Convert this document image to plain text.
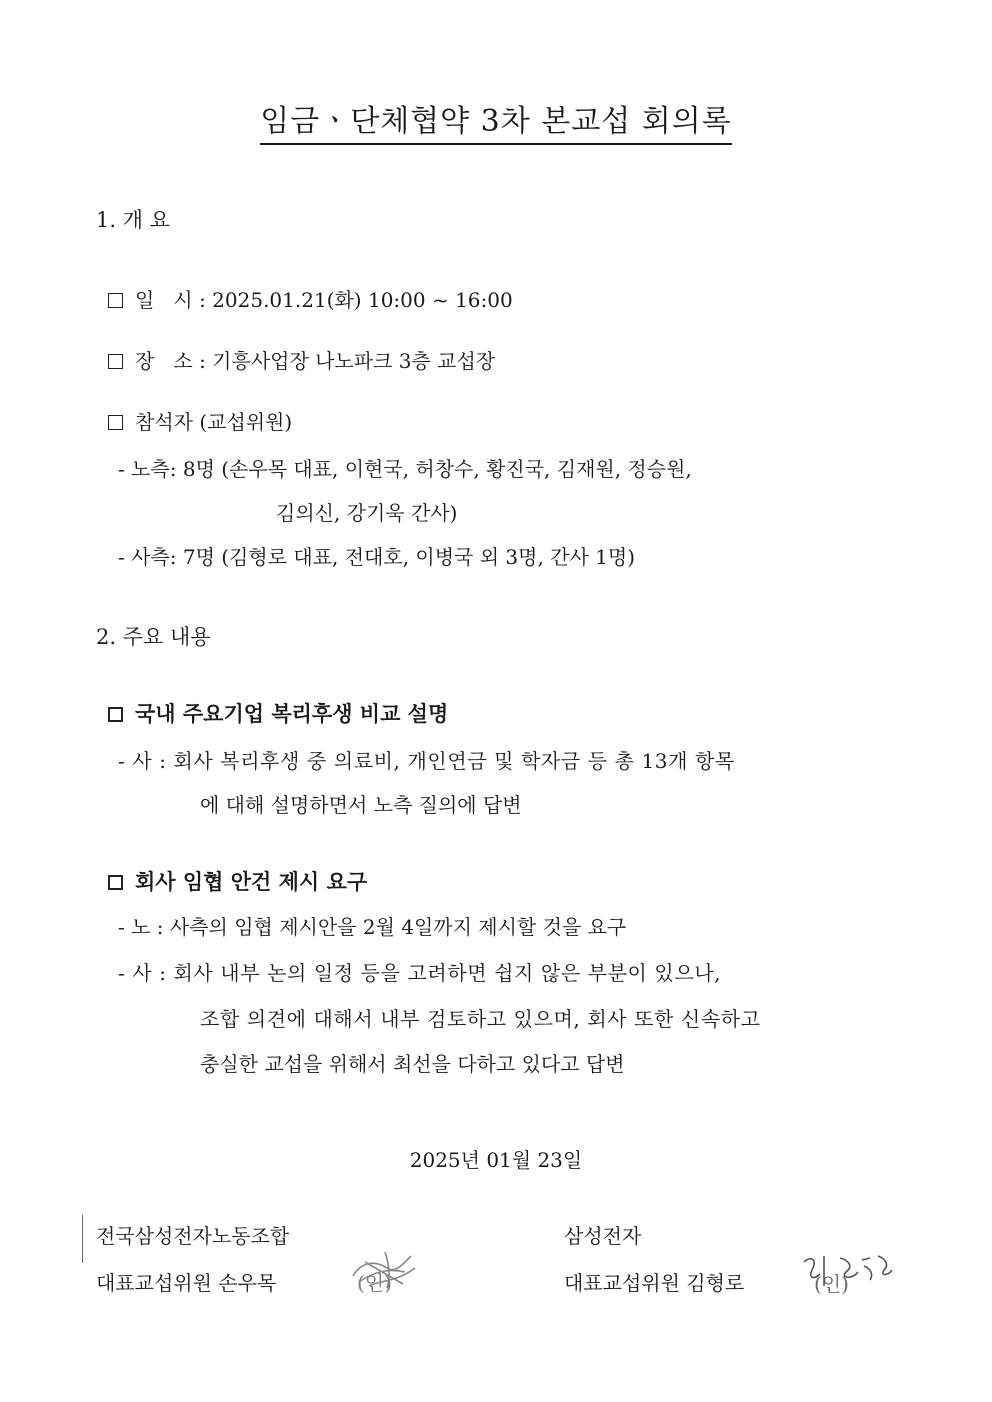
임금ㆍ단체협약 3차 본교섭 회의록
1. 개 요
일   시 : 2025.01.21(화) 10:00 ~ 16:00
장   소 : 기흥사업장 나노파크 3층 교섭장
참석자 (교섭위원)
- 노측: 8명 (손우목 대표, 이현국, 허창수, 황진국, 김재원, 정승원,
김의신, 강기욱 간사)
- 사측: 7명 (김형로 대표, 전대호, 이병국 외 3명, 간사 1명)
2. 주요 내용
국내 주요기업 복리후생 비교 설명
- 사 : 회사 복리후생 중 의료비, 개인연금 및 학자금 등 총 13개 항목
에 대해 설명하면서 노측 질의에 답변
회사 임협 안건 제시 요구
- 노 : 사측의 임협 제시안을 2월 4일까지 제시할 것을 요구
- 사 : 회사 내부 논의 일정 등을 고려하면 쉽지 않은 부분이 있으나,
조합 의견에 대해서 내부 검토하고 있으며, 회사 또한 신속하고
충실한 교섭을 위해서 최선을 다하고 있다고 답변
2025년 01월 23일
전국삼성전자노동조합
대표교섭위원 손우목	(인)
삼성전자
대표교섭위원 김형로	(인)
